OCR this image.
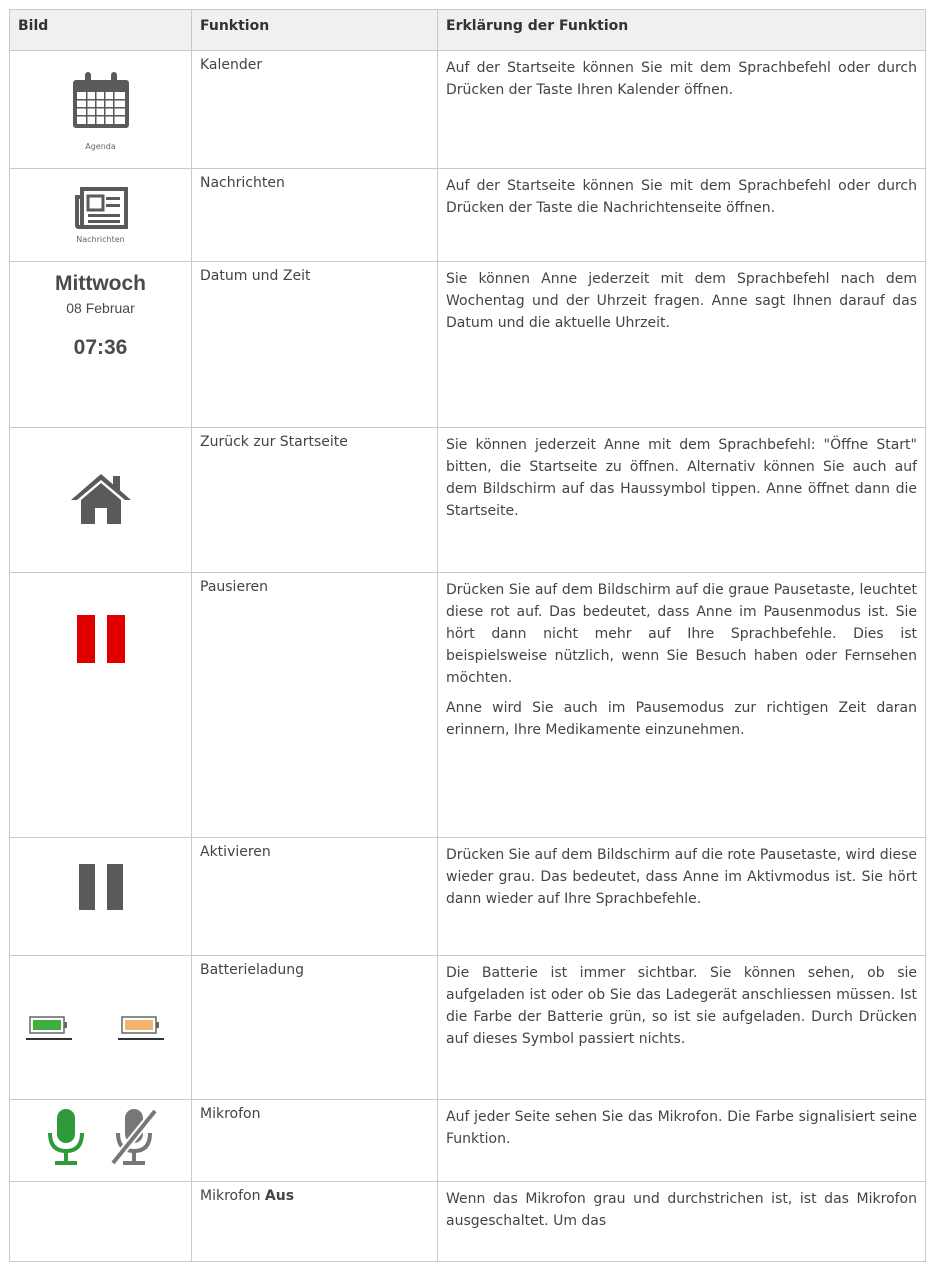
Bild	Funktion	Erklärung der Funktion

Agenda	Kalender	Auf der Startseite können Sie mit dem Sprachbefehl oder durch Drücken der Taste Ihren Kalender öffnen.

Nachrichten	Nachrichten	Auf der Startseite können Sie mit dem Sprachbefehl oder durch Drücken der Taste die Nachrichtenseite öffnen.

Mittwoch
08 Februar
07:36	Datum und Zeit	Sie können Anne jederzeit mit dem Sprachbefehl nach dem Wochentag und der Uhrzeit fragen. Anne sagt Ihnen darauf das Datum und die aktuelle Uhrzeit.

	Zurück zur Startseite	Sie können jederzeit Anne mit dem Sprachbefehl: "Öffne Start" bitten, die Startseite zu öffnen. Alternativ können Sie auch auf dem Bildschirm auf das Haussymbol tippen. Anne öffnet dann die Startseite.

	Pausieren	Drücken Sie auf dem Bildschirm auf die graue Pausetaste, leuchtet diese rot auf. Das bedeutet, dass Anne im Pausenmodus ist. Sie hört dann nicht mehr auf Ihre Sprachbefehle. Dies ist beispielsweise nützlich, wenn Sie Besuch haben oder Fernsehen möchten.

Anne wird Sie auch im Pausemodus zur richtigen Zeit daran erinnern, Ihre Medikamente einzunehmen.

	Aktivieren	Drücken Sie auf dem Bildschirm auf die rote Pausetaste, wird diese wieder grau. Das bedeutet, dass Anne im Aktivmodus ist. Sie hört dann wieder auf Ihre Sprachbefehle.

	Batterieladung	Die Batterie ist immer sichtbar. Sie können sehen, ob sie aufgeladen ist oder ob Sie das Ladegerät anschliessen müssen. Ist die Farbe der Batterie grün, so ist sie aufgeladen. Durch Drücken auf dieses Symbol passiert nichts.

	Mikrofon	Auf jeder Seite sehen Sie das Mikrofon. Die Farbe signalisiert seine Funktion.

	Mikrofon Aus	Wenn das Mikrofon grau und durchstrichen ist, ist das Mikrofon ausgeschaltet. Um das
